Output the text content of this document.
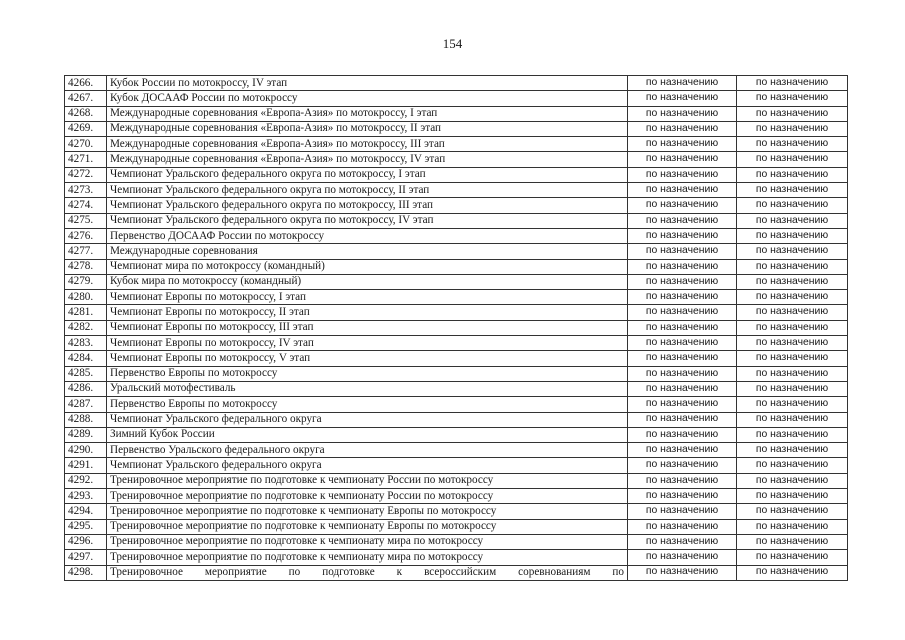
154
4266.	Кубок России по мотокроссу, IV этап	по назначению	по назначению
4267.	Кубок ДОСААФ России по мотокроссу	по назначению	по назначению
4268.	Международные соревнования «Европа-Азия» по мотокроссу, I этап	по назначению	по назначению
4269.	Международные соревнования «Европа-Азия» по мотокроссу, II этап	по назначению	по назначению
4270.	Международные соревнования «Европа-Азия» по мотокроссу, III этап	по назначению	по назначению
4271.	Международные соревнования «Европа-Азия» по мотокроссу, IV этап	по назначению	по назначению
4272.	Чемпионат Уральского федерального округа по мотокроссу, I этап	по назначению	по назначению
4273.	Чемпионат Уральского федерального округа по мотокроссу, II этап	по назначению	по назначению
4274.	Чемпионат Уральского федерального округа по мотокроссу, III этап	по назначению	по назначению
4275.	Чемпионат Уральского федерального округа по мотокроссу, IV этап	по назначению	по назначению
4276.	Первенство ДОСААФ России по мотокроссу	по назначению	по назначению
4277.	Международные соревнования	по назначению	по назначению
4278.	Чемпионат мира по мотокроссу (командный)	по назначению	по назначению
4279.	Кубок мира по мотокроссу (командный)	по назначению	по назначению
4280.	Чемпионат Европы по мотокроссу, I этап	по назначению	по назначению
4281.	Чемпионат Европы по мотокроссу, II этап	по назначению	по назначению
4282.	Чемпионат Европы по мотокроссу, III этап	по назначению	по назначению
4283.	Чемпионат Европы по мотокроссу, IV этап	по назначению	по назначению
4284.	Чемпионат Европы по мотокроссу, V этап	по назначению	по назначению
4285.	Первенство Европы по мотокроссу	по назначению	по назначению
4286.	Уральский мотофестиваль	по назначению	по назначению
4287.	Первенство Европы по мотокроссу	по назначению	по назначению
4288.	Чемпионат Уральского федерального округа	по назначению	по назначению
4289.	Зимний Кубок России	по назначению	по назначению
4290.	Первенство Уральского федерального округа	по назначению	по назначению
4291.	Чемпионат Уральского федерального округа	по назначению	по назначению
4292.	Тренировочное мероприятие по подготовке к чемпионату России по мотокроссу	по назначению	по назначению
4293.	Тренировочное мероприятие по подготовке к чемпионату России по мотокроссу	по назначению	по назначению
4294.	Тренировочное мероприятие по подготовке к чемпионату Европы по мотокроссу	по назначению	по назначению
4295.	Тренировочное мероприятие по подготовке к чемпионату Европы по мотокроссу	по назначению	по назначению
4296.	Тренировочное мероприятие по подготовке к чемпионату мира по мотокроссу	по назначению	по назначению
4297.	Тренировочное мероприятие по подготовке к чемпионату мира по мотокроссу	по назначению	по назначению
4298.	Тренировочное мероприятие по подготовке к всероссийским соревнованиям по	по назначению	по назначению
